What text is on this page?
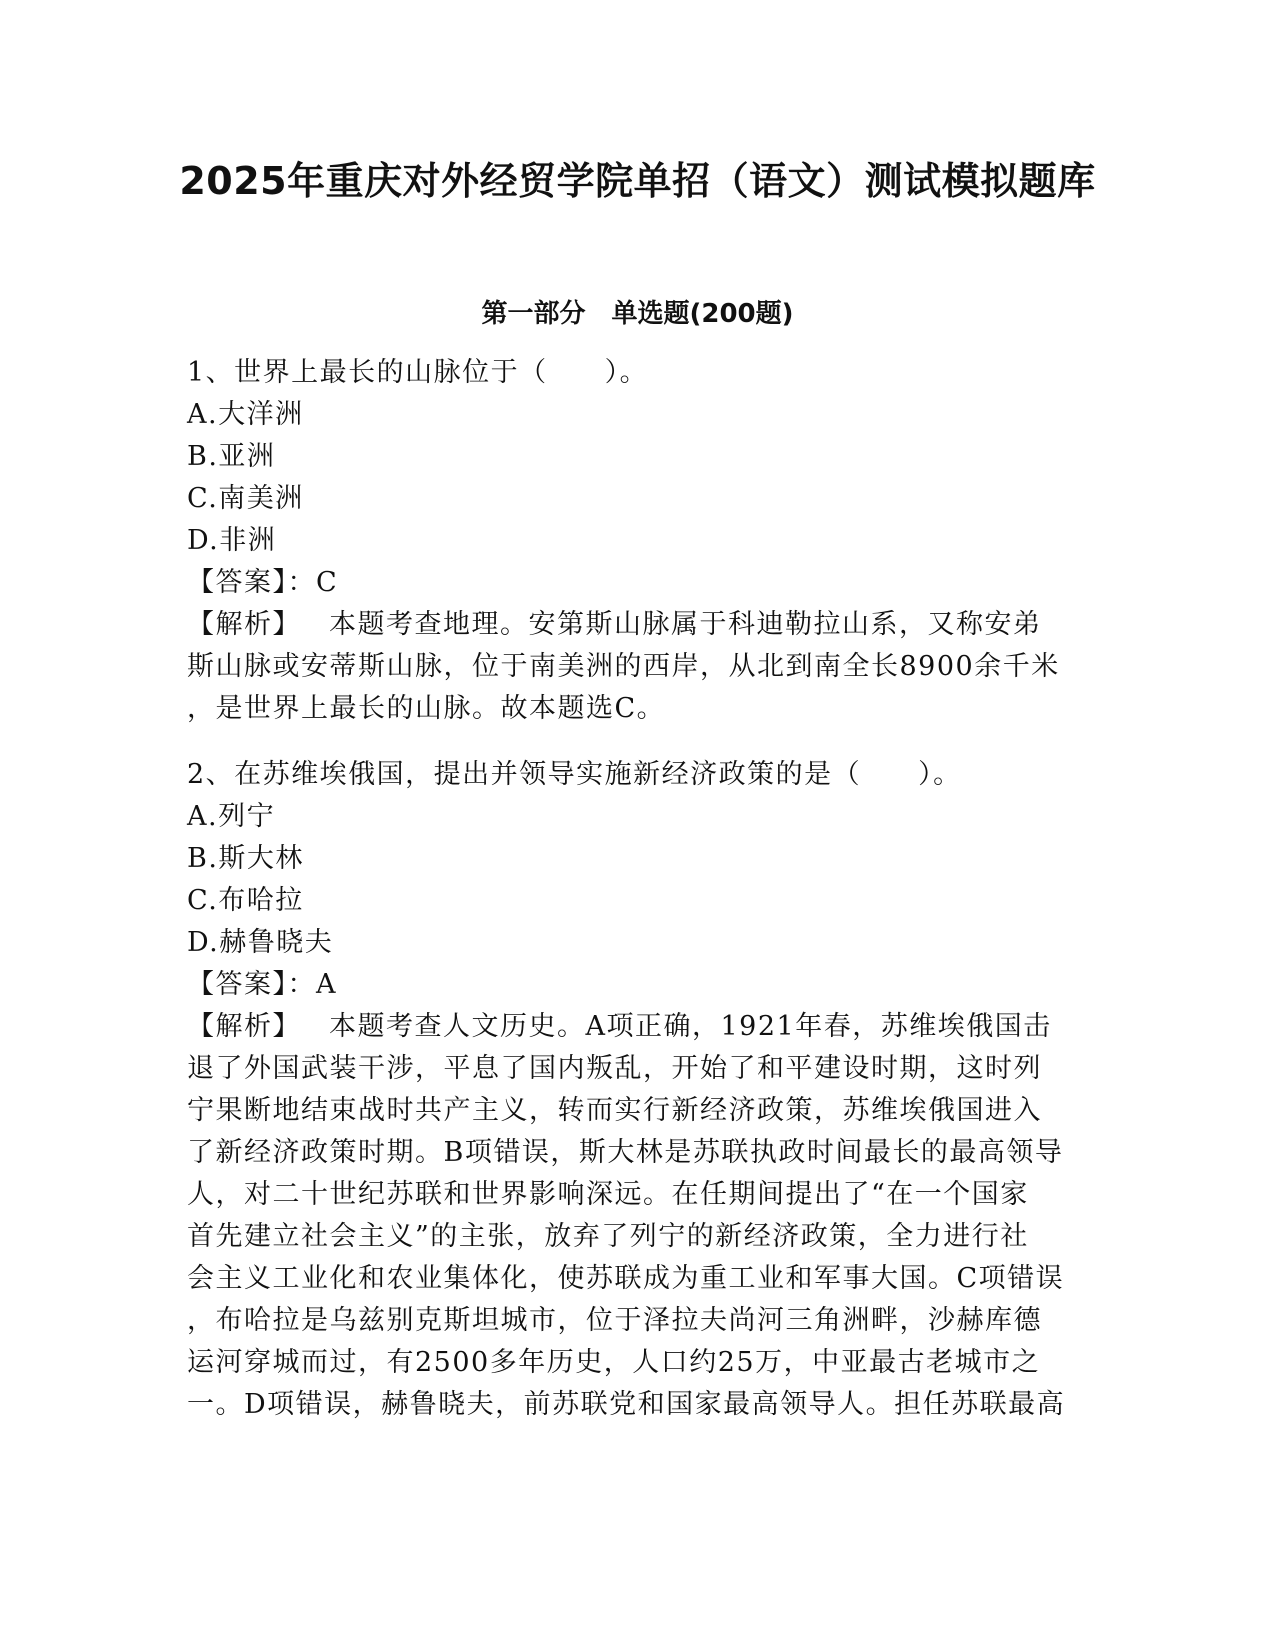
2025年重庆对外经贸学院单招（语文）测试模拟题库
第一部分 单选题(200题)
1、世界上最长的山脉位于（　　）。
A.大洋洲
B.亚洲
C.南美洲
D.非洲
【答案】：C
【解析】 本题考查地理。安第斯山脉属于科迪勒拉山系，又称安弟
斯山脉或安蒂斯山脉，位于南美洲的西岸，从北到南全长8900余千米
，是世界上最长的山脉。故本题选C。
2、在苏维埃俄国，提出并领导实施新经济政策的是（　　）。
A.列宁
B.斯大林
C.布哈拉
D.赫鲁晓夫
【答案】：A
【解析】 本题考查人文历史。A项正确，1921年春，苏维埃俄国击
退了外国武装干涉，平息了国内叛乱，开始了和平建设时期，这时列
宁果断地结束战时共产主义，转而实行新经济政策，苏维埃俄国进入
了新经济政策时期。B项错误，斯大林是苏联执政时间最长的最高领导
人，对二十世纪苏联和世界影响深远。在任期间提出了“在一个国家
首先建立社会主义”的主张，放弃了列宁的新经济政策，全力进行社
会主义工业化和农业集体化，使苏联成为重工业和军事大国。C项错误
，布哈拉是乌兹别克斯坦城市，位于泽拉夫尚河三角洲畔，沙赫库德
运河穿城而过，有2500多年历史，人口约25万，中亚最古老城市之
一。D项错误，赫鲁晓夫，前苏联党和国家最高领导人。担任苏联最高
